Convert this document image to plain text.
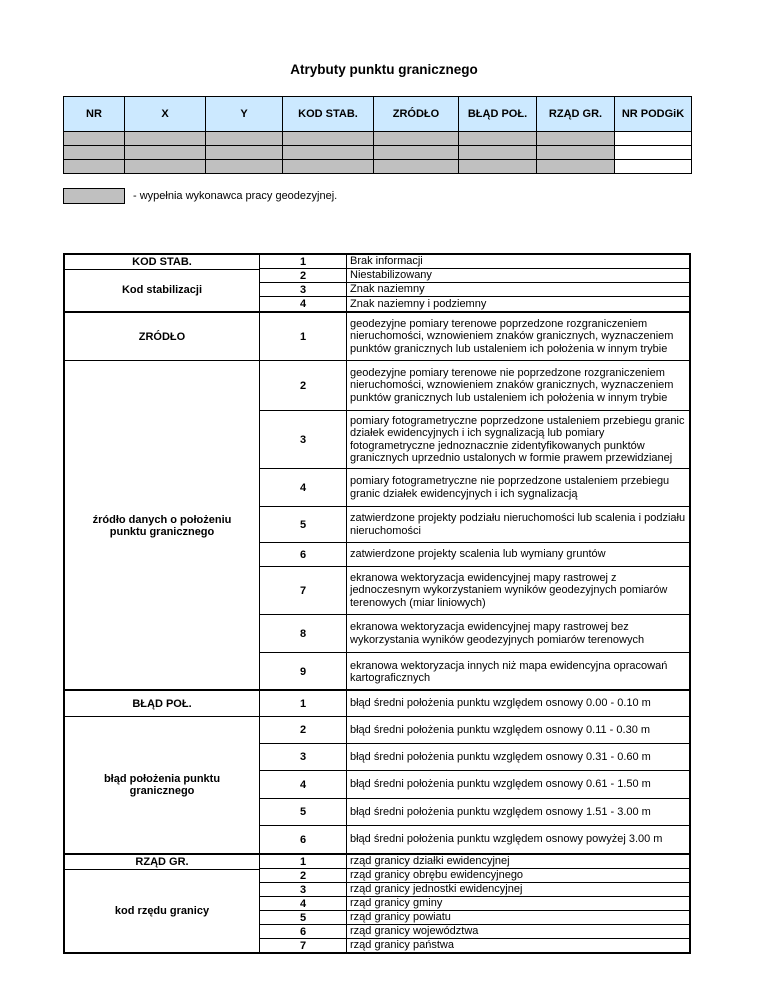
Atrybuty punktu granicznego
NR	X	Y	KOD STAB.	ZRÓDŁO	BŁĄD POŁ.	RZĄD GR.	NR PODGiK

- wypełnia wykonawca pracy geodezyjnej.
KOD STAB.
Kod stabilizacji
1	Brak informacji
2	Niestabilizowany
3	Znak naziemny
4	Znak naziemny i podziemny
ZRÓDŁO
źródło danych o położeniu punktu granicznego
1
geodezyjne pomiary terenowe poprzedzone rozgraniczeniem nieruchomości, wznowieniem znaków granicznych, wyznaczeniem punktów granicznych lub ustaleniem ich położenia w innym trybie
2
geodezyjne pomiary terenowe nie poprzedzone rozgraniczeniem nieruchomości, wznowieniem znaków granicznych, wyznaczeniem punktów granicznych lub ustaleniem ich położenia w innym trybie
3
pomiary fotogrametryczne poprzedzone ustaleniem przebiegu granic działek ewidencyjnych i ich sygnalizacją lub pomiary fotogrametryczne jednoznacznie zidentyfikowanych punktów granicznych uprzednio ustalonych w formie prawem przewidzianej
4
pomiary fotogrametryczne nie poprzedzone ustaleniem przebiegu granic działek ewidencyjnych i ich sygnalizacją
5
zatwierdzone projekty podziału nieruchomości lub scalenia i podziału nieruchomości
6	zatwierdzone projekty scalenia lub wymiany gruntów
7
ekranowa wektoryzacja ewidencyjnej mapy rastrowej z jednoczesnym wykorzystaniem wyników geodezyjnych pomiarów terenowych (miar liniowych)
8
ekranowa wektoryzacja ewidencyjnej mapy rastrowej bez wykorzystania wyników geodezyjnych pomiarów terenowych
9
ekranowa wektoryzacja innych niż mapa ewidencyjna opracowań kartograficznych
BŁĄD POŁ.
błąd położenia punktu granicznego
1	błąd średni położenia punktu względem osnowy 0.00 - 0.10 m
2	błąd średni położenia punktu względem osnowy 0.11 - 0.30 m
3	błąd średni położenia punktu względem osnowy 0.31 - 0.60 m
4	błąd średni położenia punktu względem osnowy 0.61 - 1.50 m
5	błąd średni położenia punktu względem osnowy 1.51 - 3.00 m
6	błąd średni położenia punktu względem osnowy powyżej 3.00 m
RZĄD GR.
kod rzędu granicy
1	rząd granicy działki ewidencyjnej
2	rząd granicy obrębu ewidencyjnego
3	rząd granicy jednostki ewidencyjnej
4	rząd granicy gminy
5	rząd granicy powiatu
6	rząd granicy województwa
7	rząd granicy państwa
